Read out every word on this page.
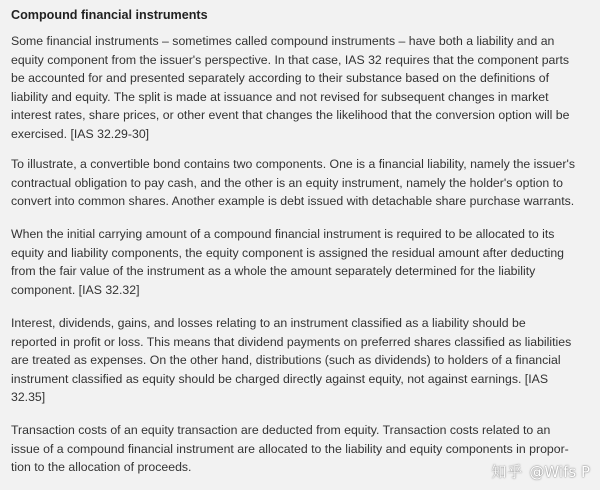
Compound financial instruments

Some financial instruments – sometimes called compound instruments – have both a liability and an
equity component from the issuer's perspective. In that case, IAS 32 requires that the component parts
be accounted for and presented separately according to their substance based on the definitions of
liability and equity. The split is made at issuance and not revised for subsequent changes in market
interest rates, share prices, or other event that changes the likelihood that the conversion option will be
exercised. [IAS 32.29-30]

To illustrate, a convertible bond contains two components. One is a financial liability, namely the issuer's
contractual obligation to pay cash, and the other is an equity instrument, namely the holder's option to
convert into common shares. Another example is debt issued with detachable share purchase warrants.

When the initial carrying amount of a compound financial instrument is required to be allocated to its
equity and liability components, the equity component is assigned the residual amount after deducting
from the fair value of the instrument as a whole the amount separately determined for the liability
component. [IAS 32.32]

Interest, dividends, gains, and losses relating to an instrument classified as a liability should be
reported in profit or loss. This means that dividend payments on preferred shares classified as liabilities
are treated as expenses. On the other hand, distributions (such as dividends) to holders of a financial
instrument classified as equity should be charged directly against equity, not against earnings. [IAS
32.35]

Transaction costs of an equity transaction are deducted from equity. Transaction costs related to an
issue of a compound financial instrument are allocated to the liability and equity components in propor-
tion to the allocation of proceeds.	知乎 @Wifs P
